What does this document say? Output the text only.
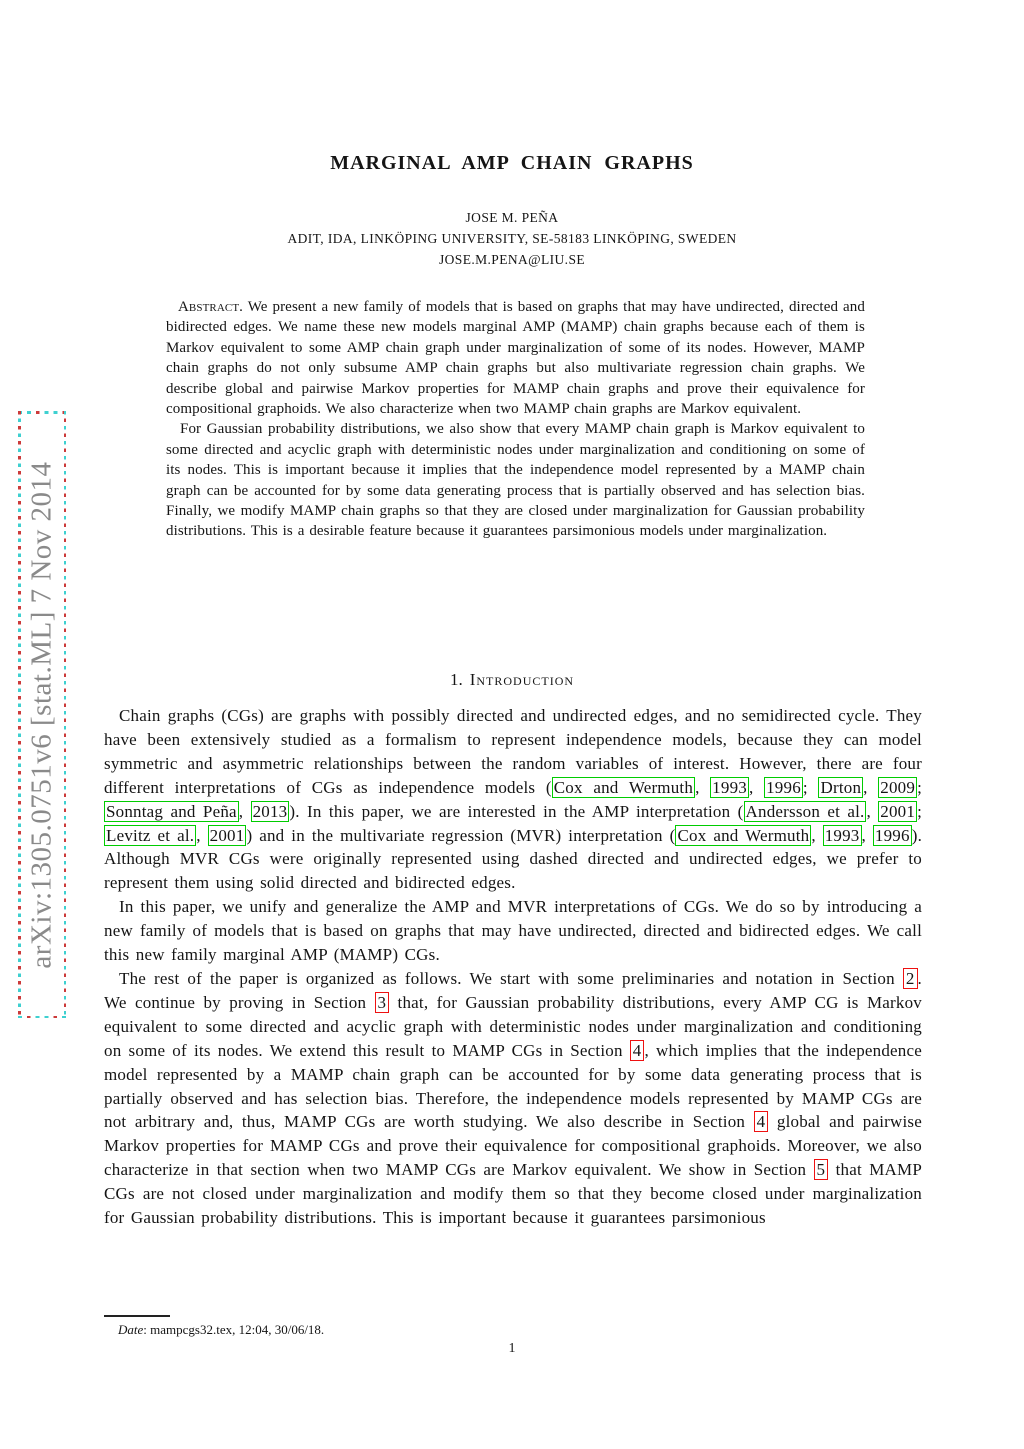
arXiv:1305.0751v6 [stat.ML] 7 Nov 2014
MARGINAL AMP CHAIN GRAPHS
JOSE M. PEÑA
ADIT, IDA, LINKÖPING UNIVERSITY, SE-58183 LINKÖPING, SWEDEN
JOSE.M.PENA@LIU.SE

Abstract. We present a new family of models that is based on graphs that may have undirected, directed and bidirected edges. We name these new models marginal AMP (MAMP) chain graphs because each of them is Markov equivalent to some AMP chain graph under marginalization of some of its nodes. However, MAMP chain graphs do not only subsume AMP chain graphs but also multivariate regression chain graphs. We describe global and pairwise Markov properties for MAMP chain graphs and prove their equivalence for compositional graphoids. We also characterize when two MAMP chain graphs are Markov equivalent.

For Gaussian probability distributions, we also show that every MAMP chain graph is Markov equivalent to some directed and acyclic graph with deterministic nodes under marginalization and conditioning on some of its nodes. This is important because it implies that the independence model represented by a MAMP chain graph can be accounted for by some data generating process that is partially observed and has selection bias. Finally, we modify MAMP chain graphs so that they are closed under marginalization for Gaussian probability distributions. This is a desirable feature because it guarantees parsimonious models under marginalization.

1. Introduction

Chain graphs (CGs) are graphs with possibly directed and undirected edges, and no semidirected cycle. They have been extensively studied as a formalism to represent independence models, because they can model symmetric and asymmetric relationships between the random variables of interest. However, there are four different interpretations of CGs as independence models ( Cox and Wermuth , 1993 , 1996 ; Drton , 2009 ; Sonntag and Peña , 2013 ). In this paper, we are interested in the AMP interpretation ( Andersson et al. , 2001 ; Levitz et al. , 2001 ) and in the multivariate regression (MVR) interpretation ( Cox and Wermuth , 1993 , 1996 ). Although MVR CGs were originally represented using dashed directed and undirected edges, we prefer to represent them using solid directed and bidirected edges.

In this paper, we unify and generalize the AMP and MVR interpretations of CGs. We do so by introducing a new family of models that is based on graphs that may have undirected, directed and bidirected edges. We call this new family marginal AMP (MAMP) CGs.

The rest of the paper is organized as follows. We start with some preliminaries and notation in Section 2 . We continue by proving in Section 3 that, for Gaussian probability distributions, every AMP CG is Markov equivalent to some directed and acyclic graph with deterministic nodes under marginalization and conditioning on some of its nodes. We extend this result to MAMP CGs in Section 4 , which implies that the independence model represented by a MAMP chain graph can be accounted for by some data generating process that is partially observed and has selection bias. Therefore, the independence models represented by MAMP CGs are not arbitrary and, thus, MAMP CGs are worth studying. We also describe in Section 4 global and pairwise Markov properties for MAMP CGs and prove their equivalence for compositional graphoids. Moreover, we also characterize in that section when two MAMP CGs are Markov equivalent. We show in Section 5 that MAMP CGs are not closed under marginalization and modify them so that they become closed under marginalization for Gaussian probability distributions. This is important because it guarantees parsimonious

Date: mampcgs32.tex, 12:04, 30/06/18.

1
